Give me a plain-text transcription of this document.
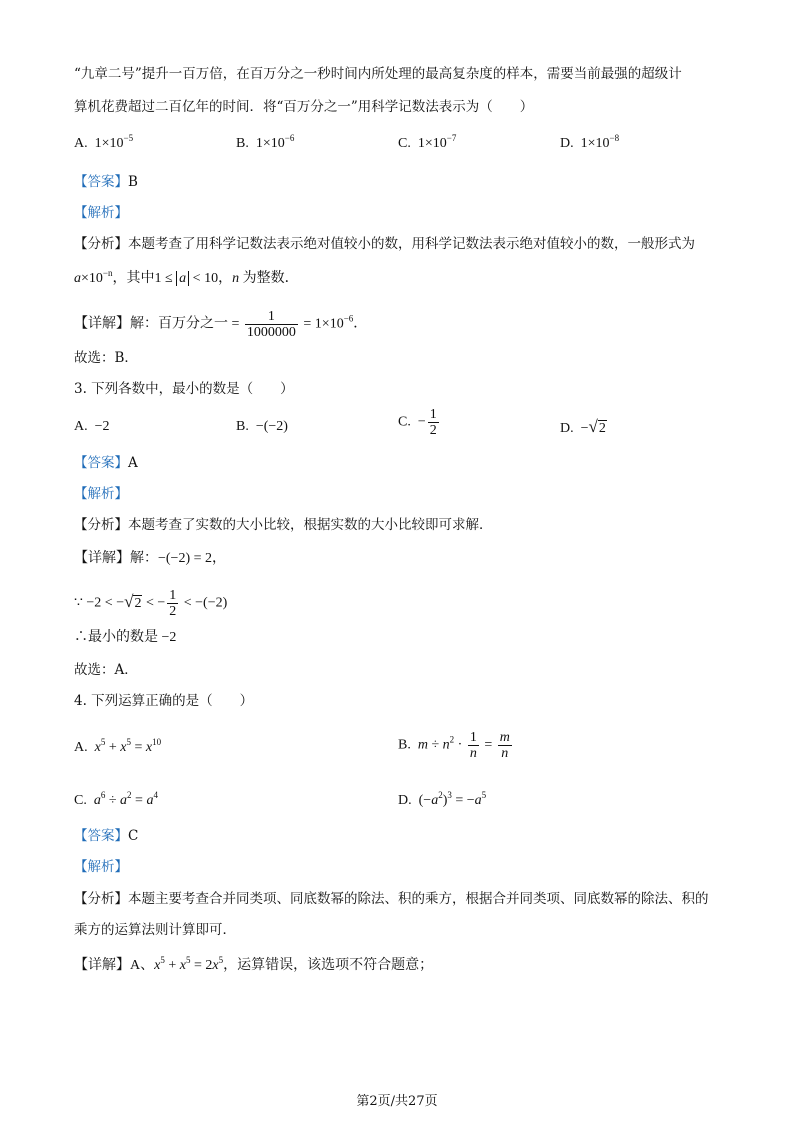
“九章二号”提升一百万倍，在百万分之一秒时间内所处理的最高复杂度的样本，需要当前最强的超级计
算机花费超过二百亿年的时间．将“百万分之一”用科学记数法表示为（　　）
A. $1\times 10^{-5}$	B. $1\times 10^{-6}$	C. $1\times 10^{-7}$	D. $1\times 10^{-8}$
【答案】B
【解析】
【分析】本题考查了用科学记数法表示绝对值较小的数，用科学记数法表示绝对值较小的数，一般形式为
$a\times 10^{-n}$，其中1 ≤ a < 10，n 为整数．
【详解】解：百万分之一 = $\frac{1}{1000000} = 1\times 10^{-6}$．
故选：B．
3. 下列各数中，最小的数是（　　）
A. −2	B. −(−2)	C. − $\frac{1}{2}$	D. −√2
【答案】A
【解析】
【分析】本题考查了实数的大小比较，根据实数的大小比较即可求解．
【详解】解：−(−2) = 2，
∵ −2 < −√2 < − $\frac{1}{2} < -(-2)$
∴最小的数是 −2
故选：A．
4. 下列运算正确的是（　　）
A. $x^5 + x^5 = x^{10}$	B. $m \div n^2 \cdot \frac{1}{n} = \frac{m}{n}$
C. $a^6 \div a^2 = a^4$	D.  $(-a^2)^3 = -a^5$
【答案】C
【解析】
【分析】本题主要考查合并同类项、同底数幂的除法、积的乘方，根据合并同类项、同底数幂的除法、积的
乘方的运算法则计算即可．
【详解】A、$x^5 + x^5 = 2x^5$，运算错误，该选项不符合题意；
第2页/共27页
